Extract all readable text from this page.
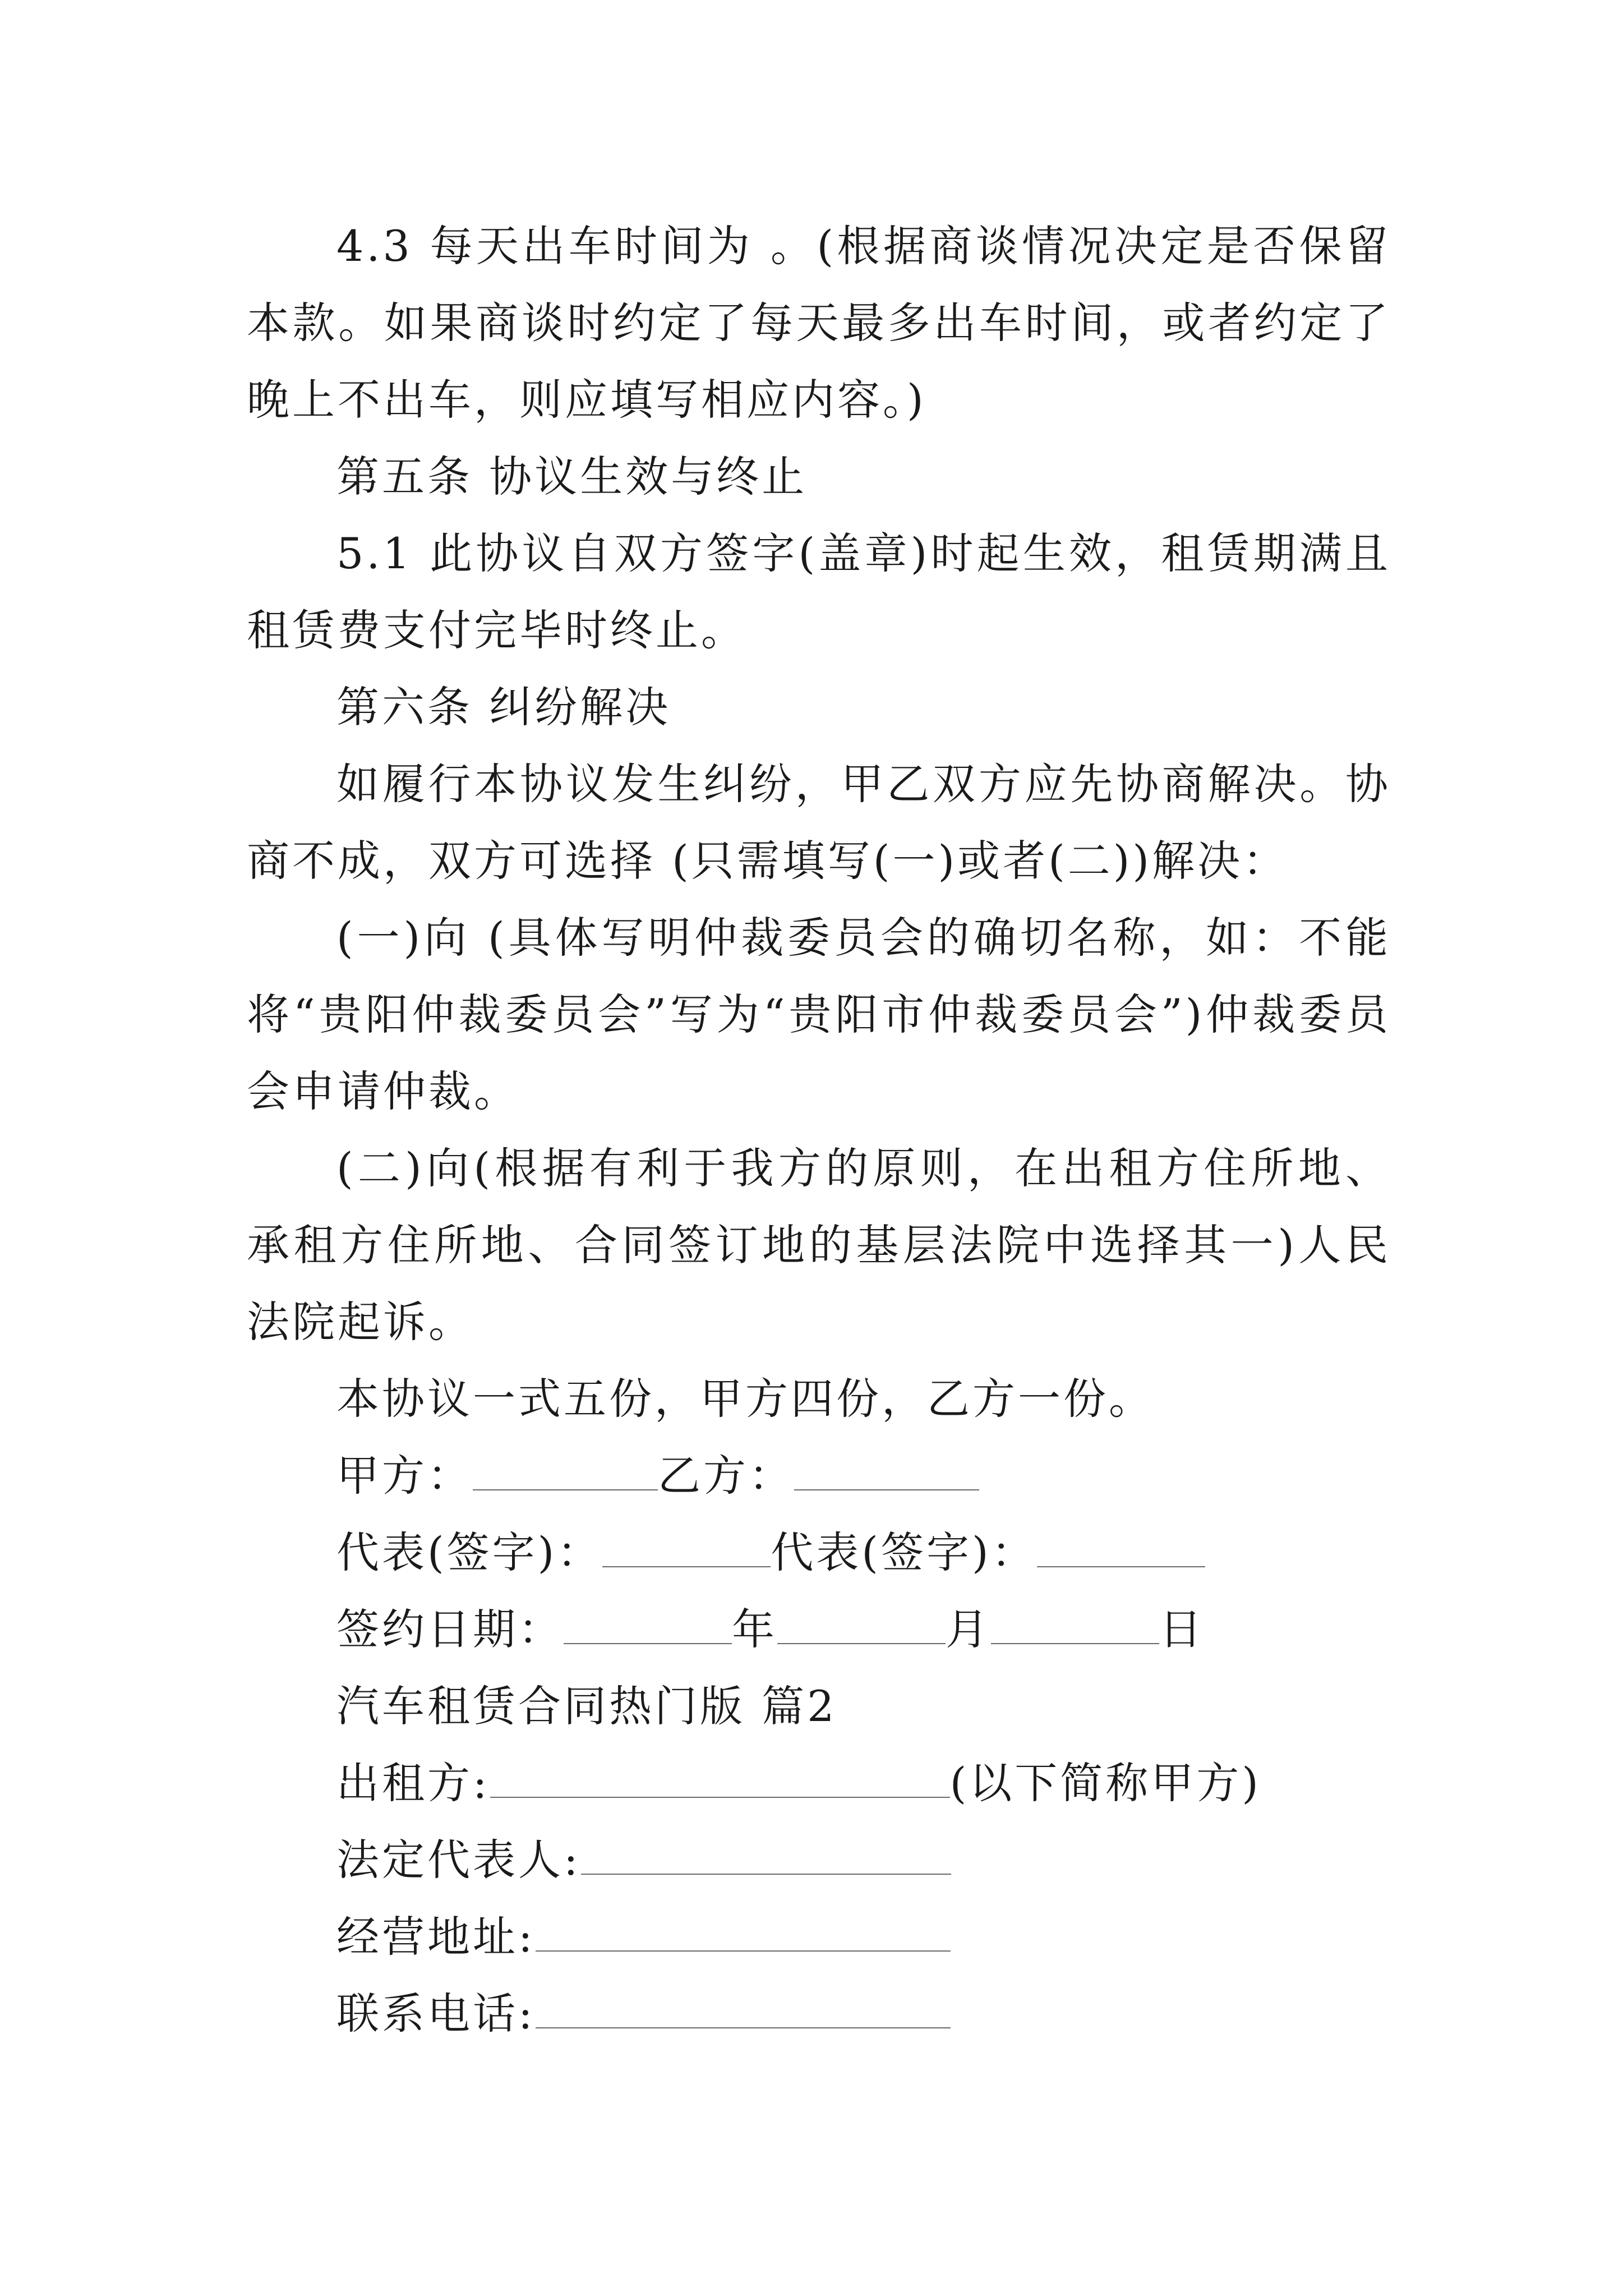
4.3 每天出车时间为 。(根据商谈情况决定是否保留本款。如果商谈时约定了每天最多出车时间，或者约定了晚上不出车，则应填写相应内容。)

第五条 协议生效与终止

5.1 此协议自双方签字(盖章)时起生效，租赁期满且租赁费支付完毕时终止。

第六条 纠纷解决

如履行本协议发生纠纷，甲乙双方应先协商解决。协商不成，双方可选择 (只需填写(一)或者(二))解决：

(一)向 (具体写明仲裁委员会的确切名称，如：不能将“贵阳仲裁委员会”写为“贵阳市仲裁委员会”)仲裁委员会申请仲裁。

(二)向(根据有利于我方的原则，在出租方住所地、承租方住所地、合同签订地的基层法院中选择其一)人民法院起诉。

本协议一式五份，甲方四份，乙方一份。

甲方：	乙方：

代表(签字)：	代表(签字)：

签约日期：	年	月	日

汽车租赁合同热门版 篇2

出租方:	(以下简称甲方)

法定代表人:

经营地址:

联系电话:
